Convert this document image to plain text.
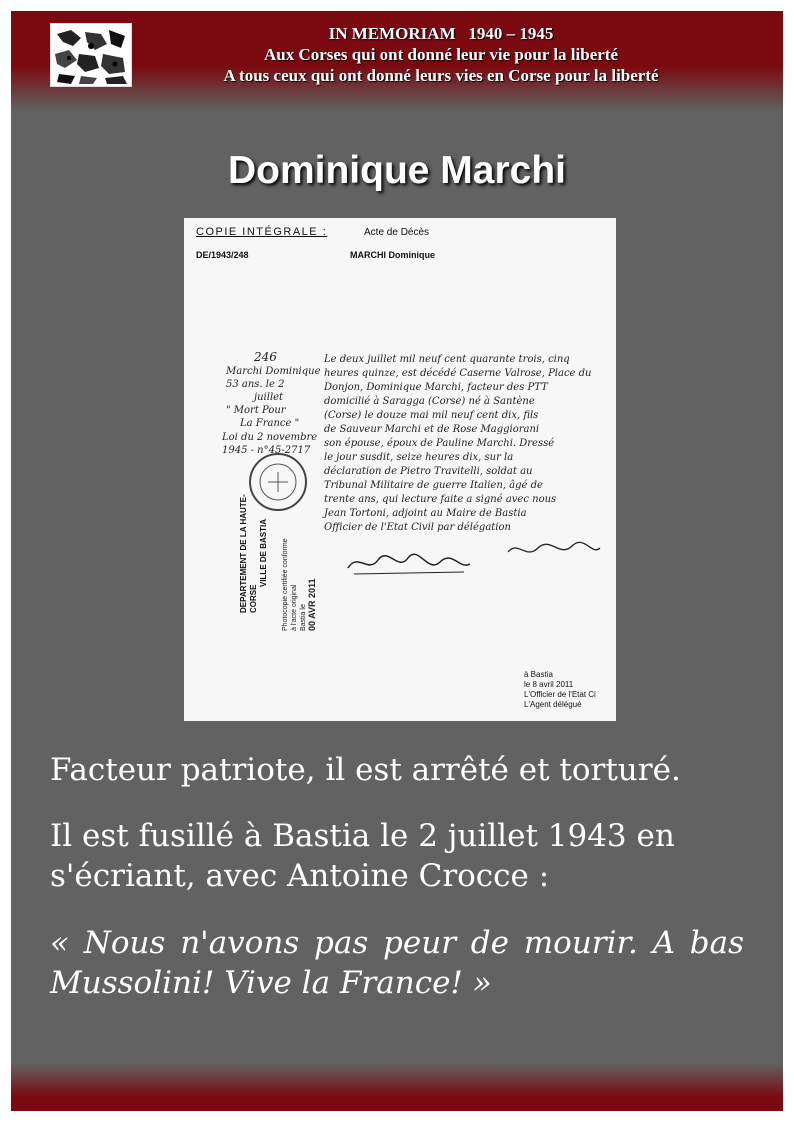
IN MEMORIAM   1940 – 1945
Aux Corses qui ont donné leur vie pour la liberté
A tous ceux qui ont donné leurs vies en Corse pour la liberté
Dominique Marchi
COPIE INTÉGRALE :	Acte de Décès
DE/1943/248	MARCHI Dominique
246
Marchi Dominique
53 ans. le 2
juillet
" Mort Pour
La France "
Loi du 2 novembre
1945 - n°45-2717
Le deux juillet mil neuf cent quarante trois, cinq
heures quinze, est décédé Caserne Valrose, Place du
Donjon, Dominique Marchi, facteur des PTT
domicilié à Saragga (Corse) né à Santène
(Corse) le douze mai mil neuf cent dix, fils
de Sauveur Marchi et de Rose Maggiorani
son épouse, époux de Pauline Marchi. Dressé
le jour susdit, seize heures dix, sur la
déclaration de Pietro Travitelli, soldat au
Tribunal Militaire de guerre Italien, âgé de
trente ans, qui lecture faite a signé avec nous
Jean Tortoni, adjoint au Maire de Bastia
Officier de l'Etat Civil par délégation
DEPARTEMENT DE LA HAUTE-CORSE
VILLE DE BASTIA Photocopie certifiée conforme à l'acte original Bastia le 00 AVR 2011
à Bastia
le 8 avril 2011
L'Officier de l'Etat Ci
L'Agent délégué
Facteur patriote, il est arrêté et torturé.
Il est fusillé à Bastia le 2 juillet 1943 en s'écriant, avec Antoine Crocce :
« Nous n'avons pas peur de mourir. A bas Mussolini! Vive la France! »
